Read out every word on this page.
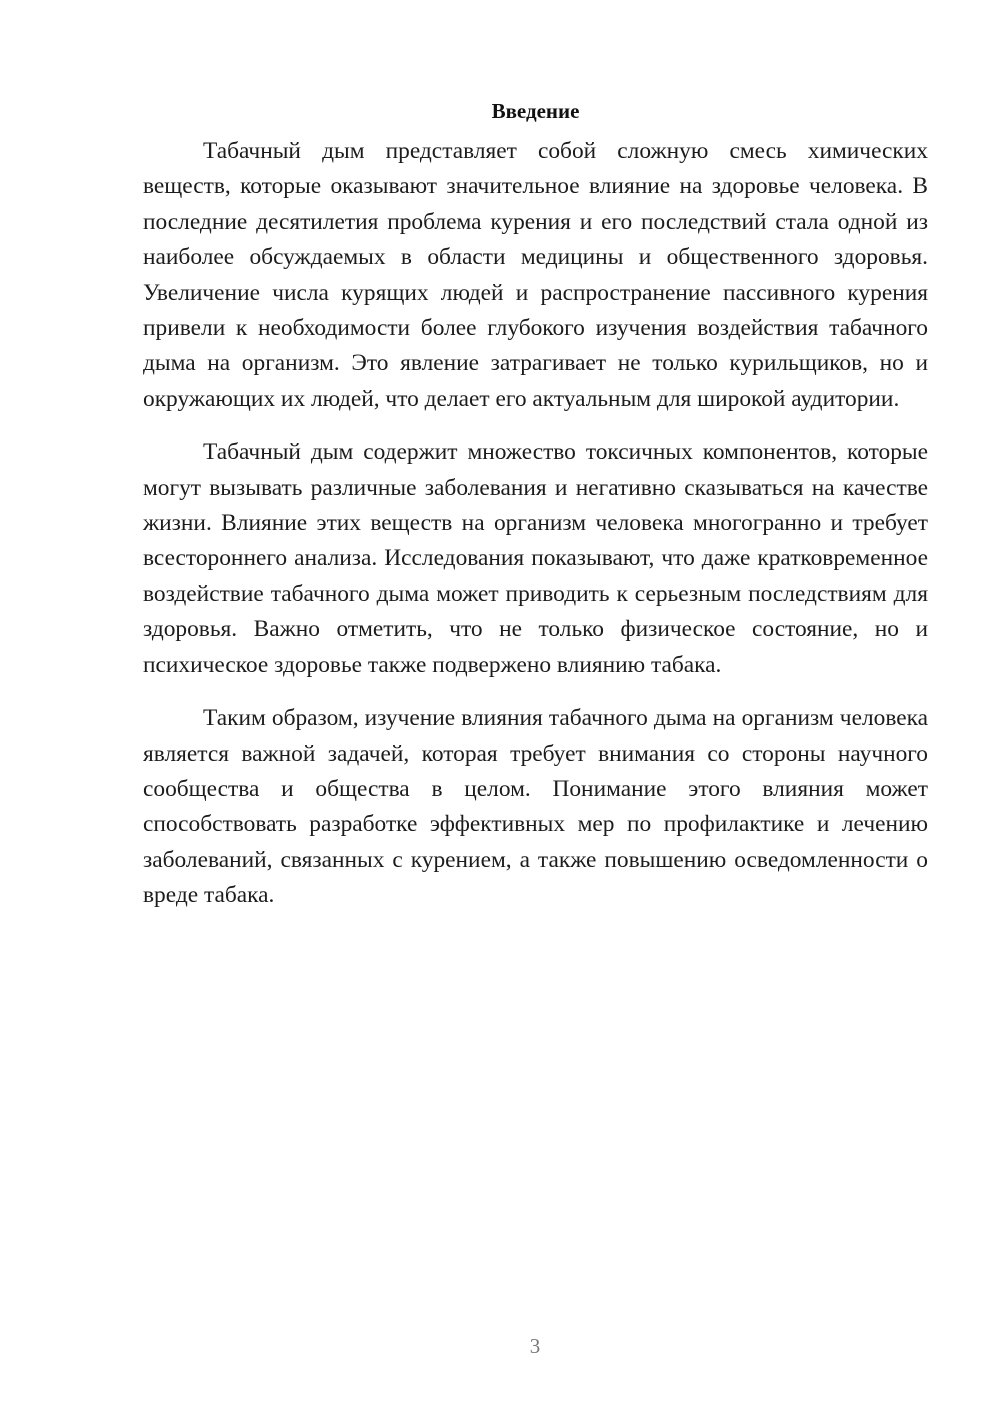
Введение

Табачный дым представляет собой сложную смесь химических веществ, которые оказывают значительное влияние на здоровье человека. В последние десятилетия проблема курения и его последствий стала одной из наиболее обсуждаемых в области медицины и общественного здоровья. Увеличение числа курящих людей и распространение пассивного курения привели к необходимости более глубокого изучения воздействия табачного дыма на организм. Это явление затрагивает не только курильщиков, но и окружающих их людей, что делает его актуальным для широкой аудитории.

Табачный дым содержит множество токсичных компонентов, которые могут вызывать различные заболевания и негативно сказываться на качестве жизни. Влияние этих веществ на организм человека многогранно и требует всестороннего анализа. Исследования показывают, что даже кратковременное воздействие табачного дыма может приводить к серьезным последствиям для здоровья. Важно отметить, что не только физическое состояние, но и психическое здоровье также подвержено влиянию табака.

Таким образом, изучение влияния табачного дыма на организм человека является важной задачей, которая требует внимания со стороны научного сообщества и общества в целом. Понимание этого влияния может способствовать разработке эффективных мер по профилактике и лечению заболеваний, связанных с курением, а также повышению осведомленности о вреде табака.

3
